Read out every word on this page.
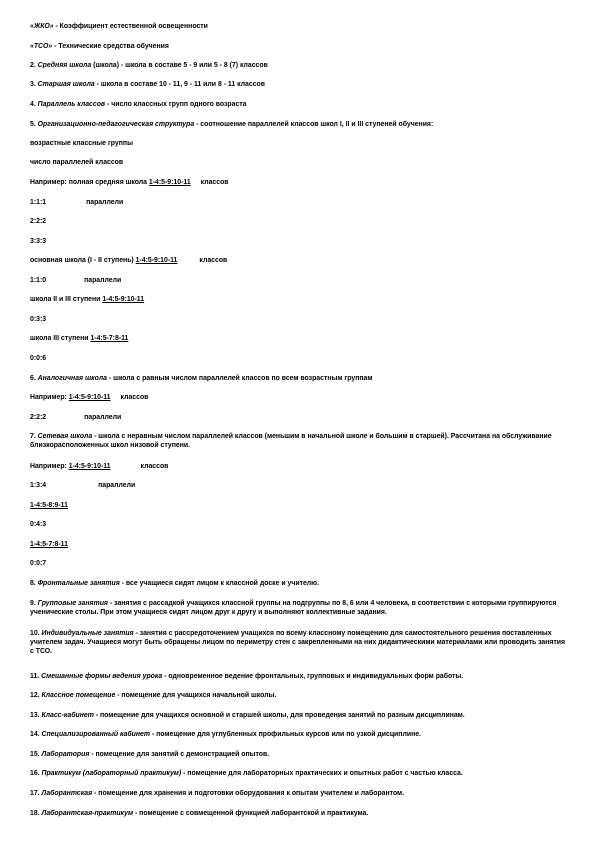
«ЖКО» - Коэффициент естественной освещенности
«ТСО» - Технические средства обучения
2. Средняя школа (школа) - школа в составе 5 - 9 или 5 - 8 (7) классов
3. Старшая школа - школа в составе 10 - 11, 9 - 11 или 8 - 11 классов
4. Параллель классов - число классных групп одного возраста
5. Организационно-педагогическая структура - соотношение параллелей классов школ I, II и III ступеней обучения:
возрастные классные группы
число параллелей классов
Например: полная средняя школа 1-4:5-9:10-11 классов
1:1:1	параллели
2:2:2
3:3:3
основная школа (I - II ступень) 1-4:5-9:10-11	классов
1:1:0	параллели
школа II и III ступени 1-4:5-9:10-11
0:3:3
школа III ступени 1-4:5-7:8-11
0:0:6
6. Аналогичная школа - школа с равным числом параллелей классов по всем возрастным группам
Например: 1-4:5-9:10-11 классов
2:2:2	параллели
7. Сетевая школа - школа с неравным числом параллелей классов (меньшим в начальной школе и большим в старшей). Рассчитана на обслуживание близкорасположенных школ низовой ступени.
Например: 1-4:5-9:10-11	классов
1:3:4	параллели
1-4:5-8:9-11
0:4:3
1-4:5-7:8-11
0:0:7
8. Фронтальные занятия - все учащиеся сидят лицом к классной доске и учителю.
9. Групповые занятия - занятия с рассадкой учащихся классной группы на подгруппы по 8, 6 или 4 человека, в соответствии с которыми группируются ученические столы. При этом учащиеся сидят лицом друг к другу и выполняют коллективные задания.
10. Индивидуальные занятия - занятия с рассредоточением учащихся по всему классному помещению для самостоятельного решения поставленных учителем задач. Учащиеся могут быть обращены лицом по периметру стен с закрепленными на них дидактическими материалами или проводить занятия с ТСО.
11. Смешанные формы ведения урока - одновременное ведение фронтальных, групповых и индивидуальных форм работы.
12. Классное помещение - помещение для учащихся начальной школы.
13. Класс-кабинет - помещение для учащихся основной и старшей школы, для проведения занятий по разным дисциплинам.
14. Специализированный кабинет - помещение для углубленных профильных курсов или по узкой дисциплине.
15. Лаборатория - помещение для занятий с демонстрацией опытов.
16. Практикум (лабораторный практикум) - помещение для лабораторных практических и опытных работ с частью класса.
17. Лаборантская - помещение для хранения и подготовки оборудования к опытам учителем и лаборантом.
18. Лаборантская-практикум - помещение с совмещенной функцией лаборантской и практикума.
